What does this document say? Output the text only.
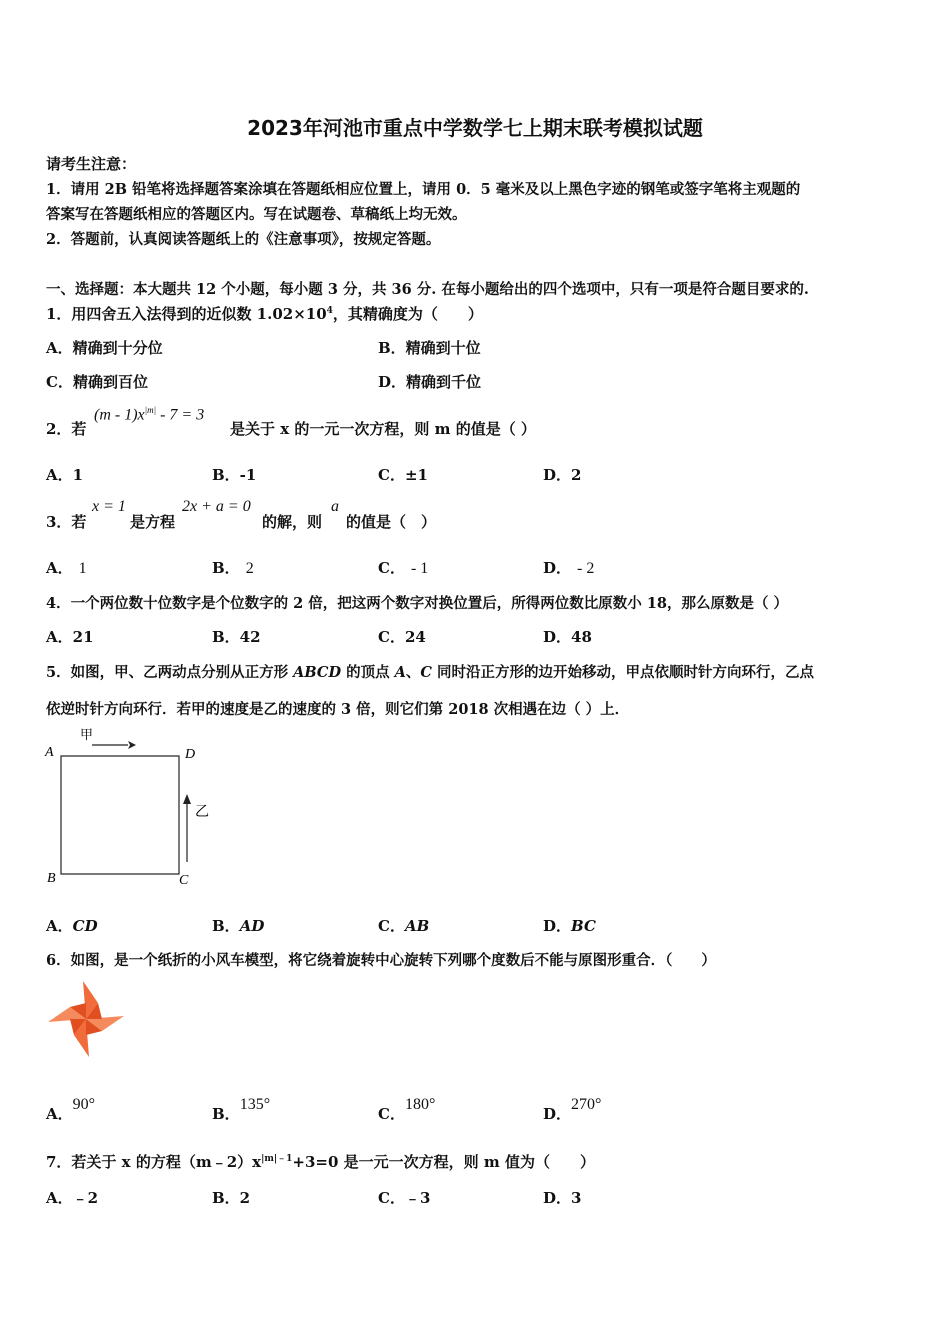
2023年河池市重点中学数学七上期末联考模拟试题
请考生注意：
1．请用 2B 铅笔将选择题答案涂填在答题纸相应位置上，请用 0．5 毫米及以上黑色字迹的钢笔或签字笔将主观题的
答案写在答题纸相应的答题区内。写在试题卷、草稿纸上均无效。
2．答题前，认真阅读答题纸上的《注意事项》，按规定答题。
一、选择题：本大题共 12 个小题，每小题 3 分，共 36 分. 在每小题给出的四个选项中，只有一项是符合题目要求的.
1．用四舍五入法得到的近似数 $1.02\times 10^4$，其精确度为（　　）
A．精确到十分位	B．精确到十位
C．精确到百位	D．精确到千位
2．若
$(m - 1)x^{|m|} - 7 = 3$
是关于 x 的一元一次方程，则 m 的值是（ ）
A．1	B．-1	C．±1	D．2
3．若
x = 1
是方程
2x + a = 0
的解，则
a
的值是（　）
A． 1	B． 2	C． - 1	D． - 2
4．一个两位数十位数字是个位数字的 2 倍，把这两个数字对换位置后，所得两位数比原数小 18，那么原数是（ ）
A．21	B．42	C．24	D．48
5．如图，甲、乙两动点分别从正方形 ABCD 的顶点 A、C 同时沿正方形的边开始移动，甲点依顺时针方向环行，乙点
依逆时针方向环行．若甲的速度是乙的速度的 3 倍，则它们第 2018 次相遇在边（ ）上．
A	D
B	C
甲
乙
A．CD	B．AD	C．AB	D．BC
6．如图，是一个纸折的小风车模型，将它绕着旋转中心旋转下列哪个度数后不能与原图形重合．（　　）
A．90°
B．135°
C．180°
D．270°
7．若关于 x 的方程$(m﹣2)x^{|m|﹣1}+3=0$ 是一元一次方程，则 m 值为（　　）
A．﹣2	B．2	C．﹣3	D．3
